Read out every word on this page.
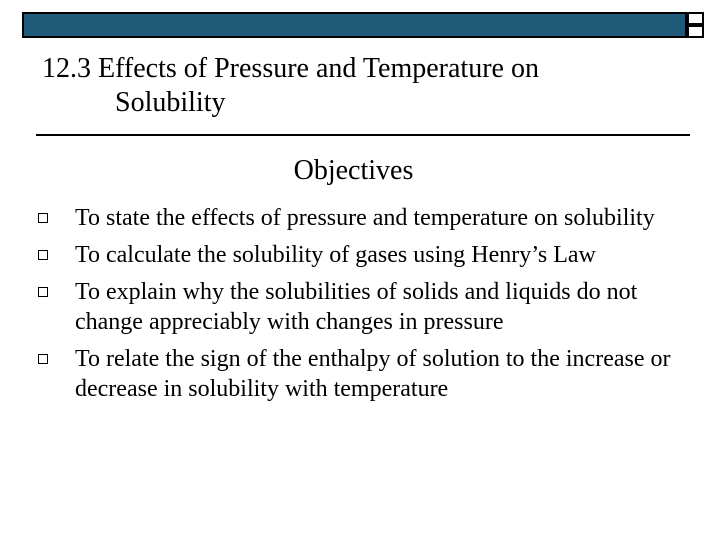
12.3 Effects of Pressure and Temperature on
Solubility
Objectives
To state the effects of pressure and temperature on solubility
To calculate the solubility of gases using Henry’s Law
To explain why the solubilities of solids and liquids do not change appreciably with changes in pressure
To relate the sign of the enthalpy of solution to the increase or decrease in solubility with temperature
